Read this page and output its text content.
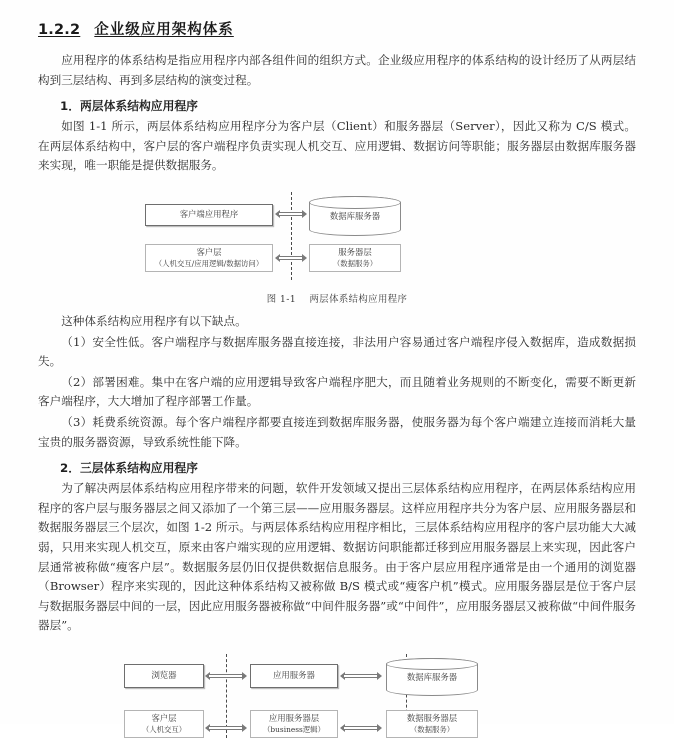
1.2.2 企业级应用架构体系

应用程序的体系结构是指应用程序内部各组件间的组织方式。企业级应用程序的体系结构的设计经历了从两层结构到三层结构、再到多层结构的演变过程。

1．两层体系结构应用程序

如图 1-1 所示，两层体系结构应用程序分为客户层（Client）和服务器层（Server），因此又称为 C/S 模式。在两层体系结构中，客户层的客户端程序负责实现人机交互、应用逻辑、数据访问等职能；服务器层由数据库服务器来实现，唯一职能是提供数据服务。

客户端应用程序	数据库服务器
客户层
（人机交互/应用逻辑/数据访问）
服务器层
（数据服务）
图 1-1 两层体系结构应用程序

这种体系结构应用程序有以下缺点。

（1）安全性低。客户端程序与数据库服务器直接连接，非法用户容易通过客户端程序侵入数据库，造成数据损失。

（2）部署困难。集中在客户端的应用逻辑导致客户端程序肥大，而且随着业务规则的不断变化，需要不断更新客户端程序，大大增加了程序部署工作量。

（3）耗费系统资源。每个客户端程序都要直接连到数据库服务器，使服务器为每个客户端建立连接而消耗大量宝贵的服务器资源，导致系统性能下降。

2．三层体系结构应用程序

为了解决两层体系结构应用程序带来的问题，软件开发领域又提出三层体系结构应用程序，在两层体系结构应用程序的客户层与服务器层之间又添加了一个第三层——应用服务器层。这样应用程序共分为客户层、应用服务器层和数据服务器层三个层次，如图 1-2 所示。与两层体系结构应用程序相比，三层体系结构应用程序的客户层功能大大减弱，只用来实现人机交互，原来由客户端实现的应用逻辑、数据访问职能都迁移到应用服务器层上来实现，因此客户层通常被称做“瘦客户层”。数据服务层仍旧仅提供数据信息服务。由于客户层应用程序通常是由一个通用的浏览器（Browser）程序来实现的，因此这种体系结构又被称做 B/S 模式或“瘦客户机”模式。应用服务器层是位于客户层与数据服务器层中间的一层，因此应用服务器被称做“中间件服务器”或“中间件”，应用服务器层又被称做“中间件服务器层”。

浏览器	应用服务器	数据库服务器
客户层
（人机交互）
应用服务器层
（business逻辑）
数据服务器层
（数据服务）
